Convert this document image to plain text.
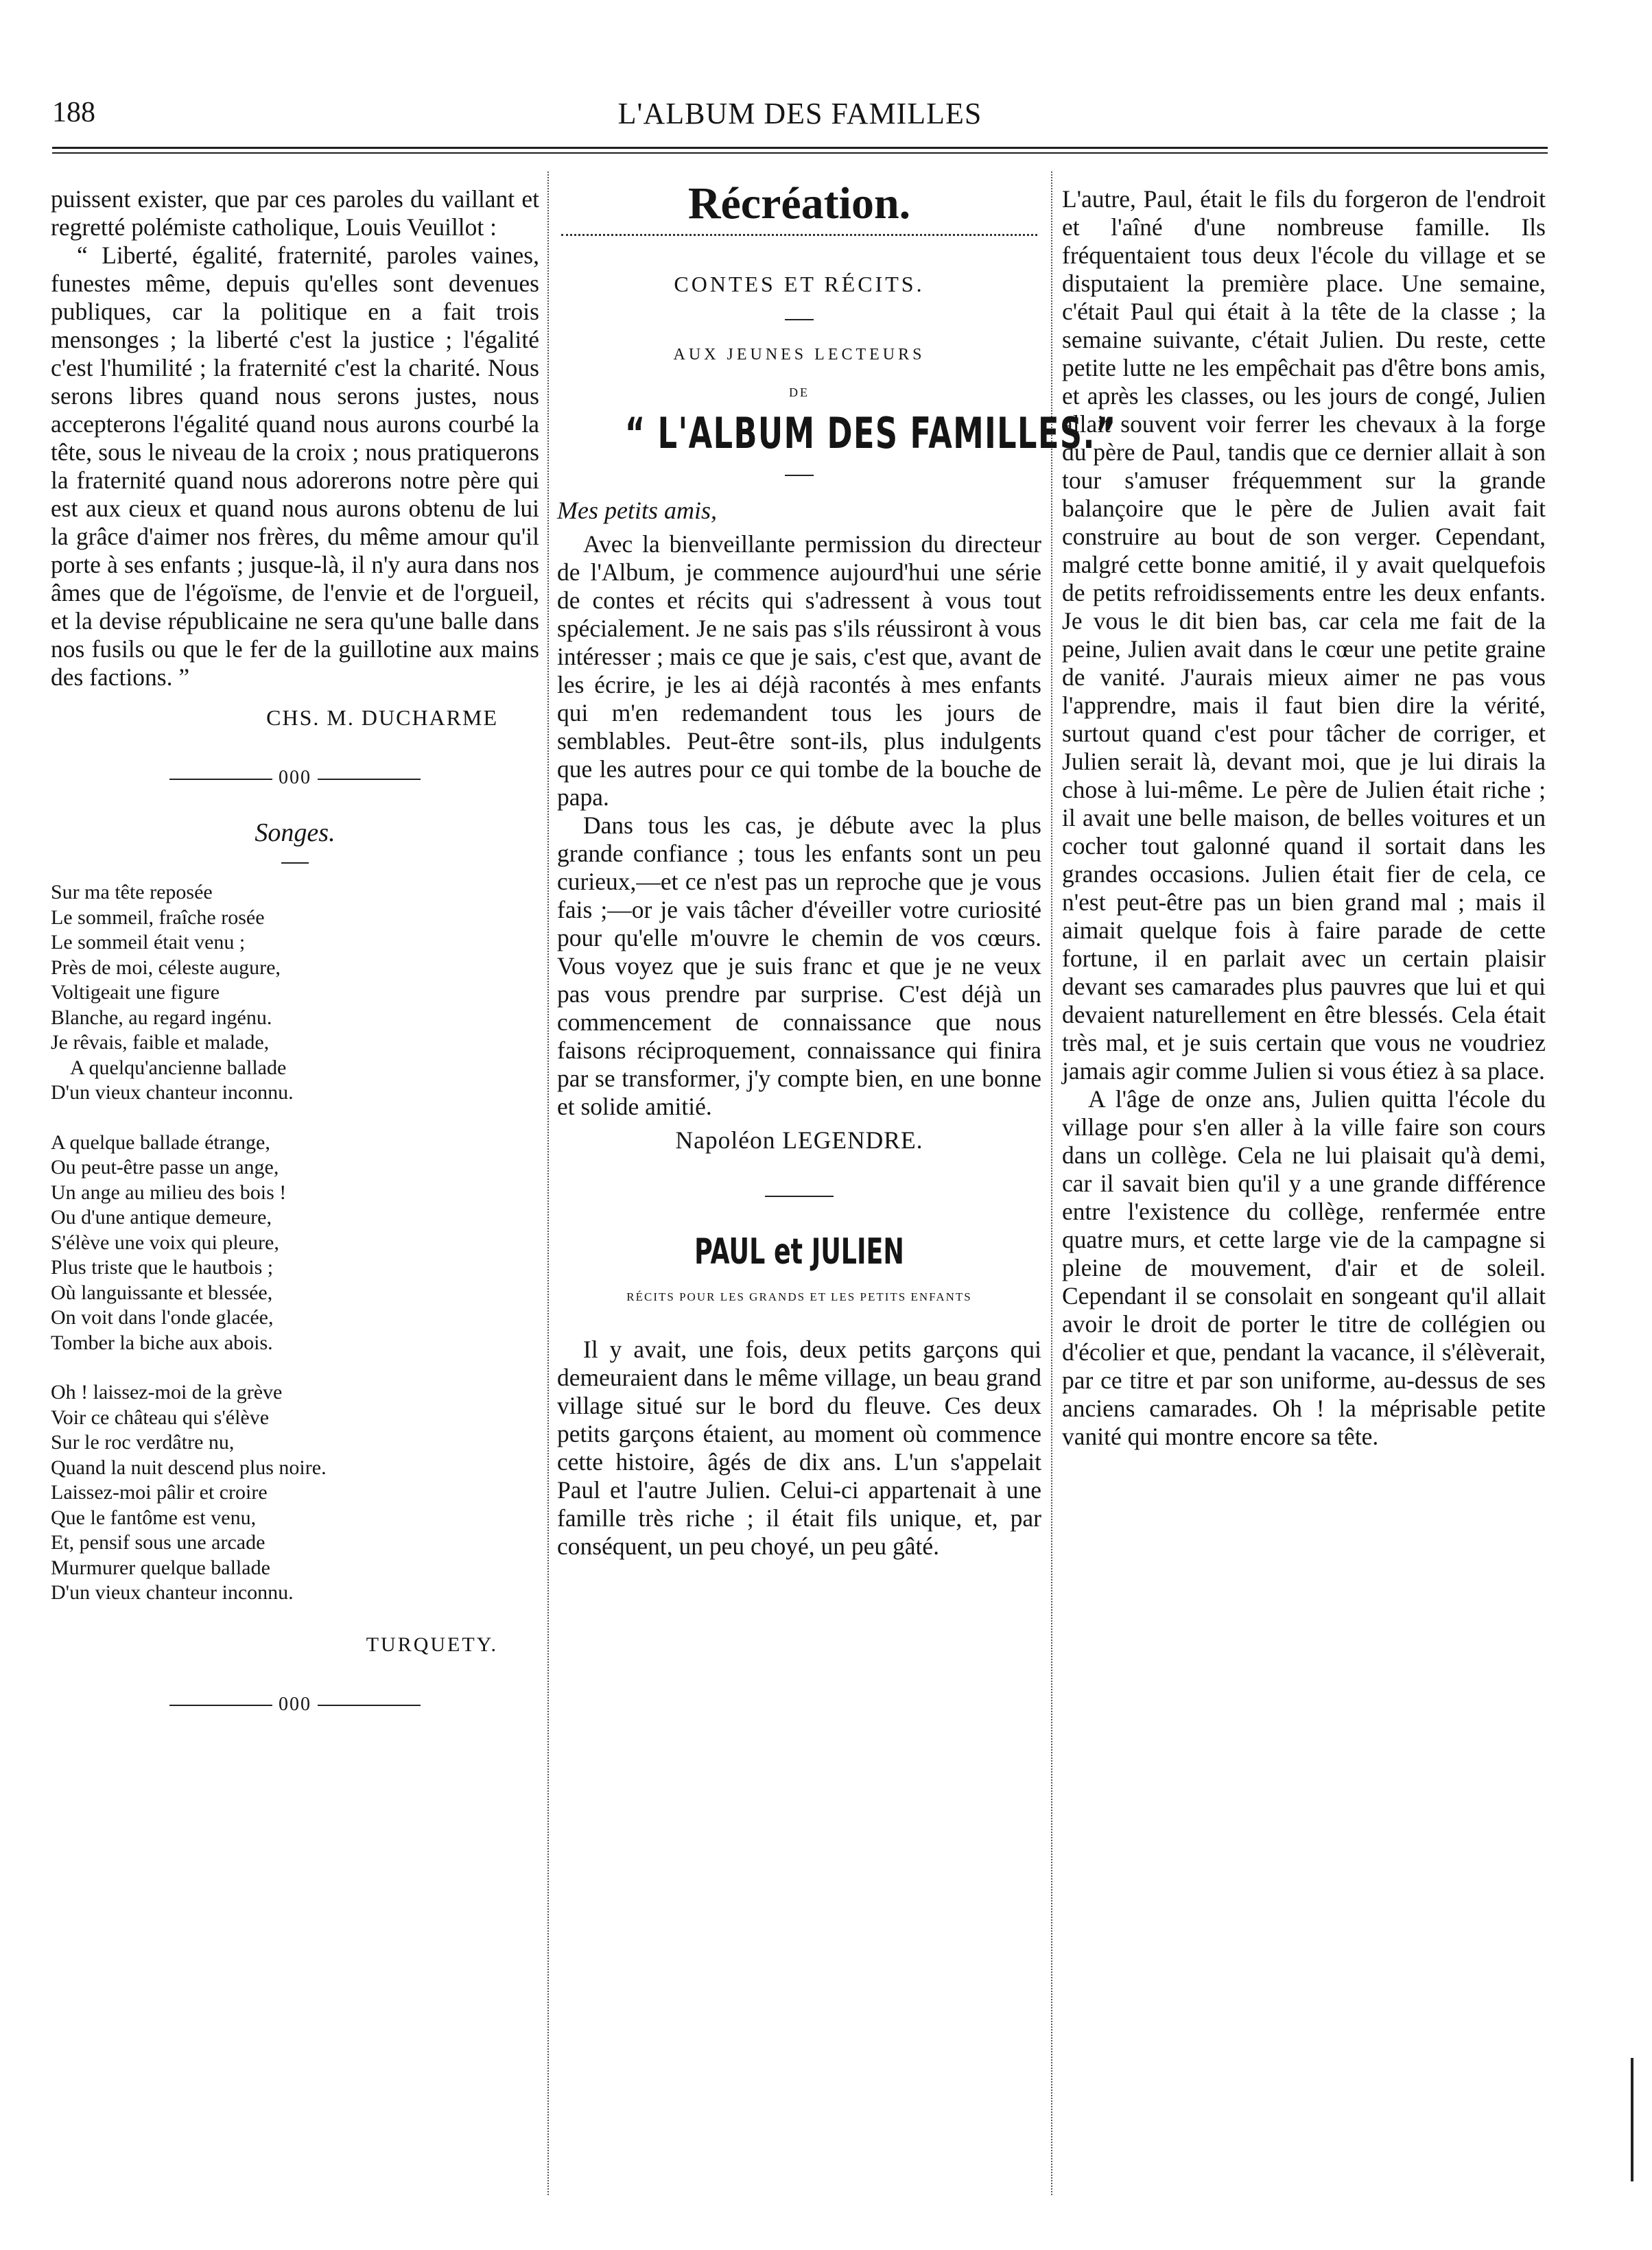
188	L'ALBUM DES FAMILLES

puissent exister, que par ces paroles du vaillant et regretté polémiste catholique, Louis Veuillot :

“ Liberté, égalité, fraternité, paroles vaines, funestes même, depuis qu'elles sont devenues publiques, car la politique en a fait trois mensonges ; la liberté c'est la justice ; l'égalité c'est l'humilité ; la fraternité c'est la charité. Nous serons libres quand nous serons justes, nous accepterons l'égalité quand nous aurons courbé la tête, sous le niveau de la croix ; nous pratiquerons la fraternité quand nous adorerons notre père qui est aux cieux et quand nous aurons obtenu de lui la grâce d'aimer nos frères, du même amour qu'il porte à ses enfants ; jusque-là, il n'y aura dans nos âmes que de l'égoïsme, de l'envie et de l'orgueil, et la devise républicaine ne sera qu'une balle dans nos fusils ou que le fer de la guillotine aux mains des factions. ”

CHS. M. DUCHARME

000

Songes.

Sur ma tête reposée

Le sommeil, fraîche rosée

Le sommeil était venu ;

Près de moi, céleste augure,

Voltigeait une figure

Blanche, au regard ingénu.

Je rêvais, faible et malade,

A quelqu'ancienne ballade

D'un vieux chanteur inconnu.

A quelque ballade étrange,

Ou peut-être passe un ange,

Un ange au milieu des bois !

Ou d'une antique demeure,

S'élève une voix qui pleure,

Plus triste que le hautbois ;

Où languissante et blessée,

On voit dans l'onde glacée,

Tomber la biche aux abois.

Oh ! laissez-moi de la grève

Voir ce château qui s'élève

Sur le roc verdâtre nu,

Quand la nuit descend plus noire.

Laissez-moi pâlir et croire

Que le fantôme est venu,

Et, pensif sous une arcade

Murmurer quelque ballade

D'un vieux chanteur inconnu.

TURQUETY.

000

Récréation.

CONTES ET RÉCITS.

AUX JEUNES LECTEURS

DE

“ L'ALBUM DES FAMILLES.”

Mes petits amis,

Avec la bienveillante permission du directeur de l'Album, je commence aujourd'hui une série de contes et récits qui s'adressent à vous tout spécialement. Je ne sais pas s'ils réussiront à vous intéresser ; mais ce que je sais, c'est que, avant de les écrire, je les ai déjà racontés à mes enfants qui m'en redemandent tous les jours de semblables. Peut-être sont-ils, plus indulgents que les autres pour ce qui tombe de la bouche de papa.

Dans tous les cas, je débute avec la plus grande confiance ; tous les enfants sont un peu curieux,—et ce n'est pas un reproche que je vous fais ;—or je vais tâcher d'éveiller votre curiosité pour qu'elle m'ouvre le chemin de vos cœurs. Vous voyez que je suis franc et que je ne veux pas vous prendre par surprise. C'est déjà un commencement de connaissance que nous faisons réciproquement, connaissance qui finira par se transformer, j'y compte bien, en une bonne et solide amitié.

Napoléon LEGENDRE.

PAUL et JULIEN

RÉCITS POUR LES GRANDS ET LES PETITS ENFANTS

Il y avait, une fois, deux petits garçons qui demeuraient dans le même village, un beau grand village situé sur le bord du fleuve. Ces deux petits garçons étaient, au moment où commence cette histoire, âgés de dix ans. L'un s'appelait Paul et l'autre Julien. Celui-ci appartenait à une famille très riche ; il était fils unique, et, par conséquent, un peu choyé, un peu gâté.

L'autre, Paul, était le fils du forgeron de l'endroit et l'aîné d'une nombreuse famille. Ils fréquentaient tous deux l'école du village et se disputaient la première place. Une semaine, c'était Paul qui était à la tête de la classe ; la semaine suivante, c'était Julien. Du reste, cette petite lutte ne les empêchait pas d'être bons amis, et après les classes, ou les jours de congé, Julien allait souvent voir ferrer les chevaux à la forge du père de Paul, tandis que ce dernier allait à son tour s'amuser fréquemment sur la grande balançoire que le père de Julien avait fait construire au bout de son verger. Cependant, malgré cette bonne amitié, il y avait quelquefois de petits refroidissements entre les deux enfants. Je vous le dit bien bas, car cela me fait de la peine, Julien avait dans le cœur une petite graine de vanité. J'aurais mieux aimer ne pas vous l'apprendre, mais il faut bien dire la vérité, surtout quand c'est pour tâcher de corriger, et Julien serait là, devant moi, que je lui dirais la chose à lui-même. Le père de Julien était riche ; il avait une belle maison, de belles voitures et un cocher tout galonné quand il sortait dans les grandes occasions. Julien était fier de cela, ce n'est peut-être pas un bien grand mal ; mais il aimait quelque fois à faire parade de cette fortune, il en parlait avec un certain plaisir devant ses camarades plus pauvres que lui et qui devaient naturellement en être blessés. Cela était très mal, et je suis certain que vous ne voudriez jamais agir comme Julien si vous étiez à sa place.

A l'âge de onze ans, Julien quitta l'école du village pour s'en aller à la ville faire son cours dans un collège. Cela ne lui plaisait qu'à demi, car il savait bien qu'il y a une grande différence entre l'existence du collège, renfermée entre quatre murs, et cette large vie de la campagne si pleine de mouvement, d'air et de soleil. Cependant il se consolait en songeant qu'il allait avoir le droit de porter le titre de collégien ou d'écolier et que, pendant la vacance, il s'élèverait, par ce titre et par son uniforme, au-dessus de ses anciens camarades. Oh ! la méprisable petite vanité qui montre encore sa tête.
